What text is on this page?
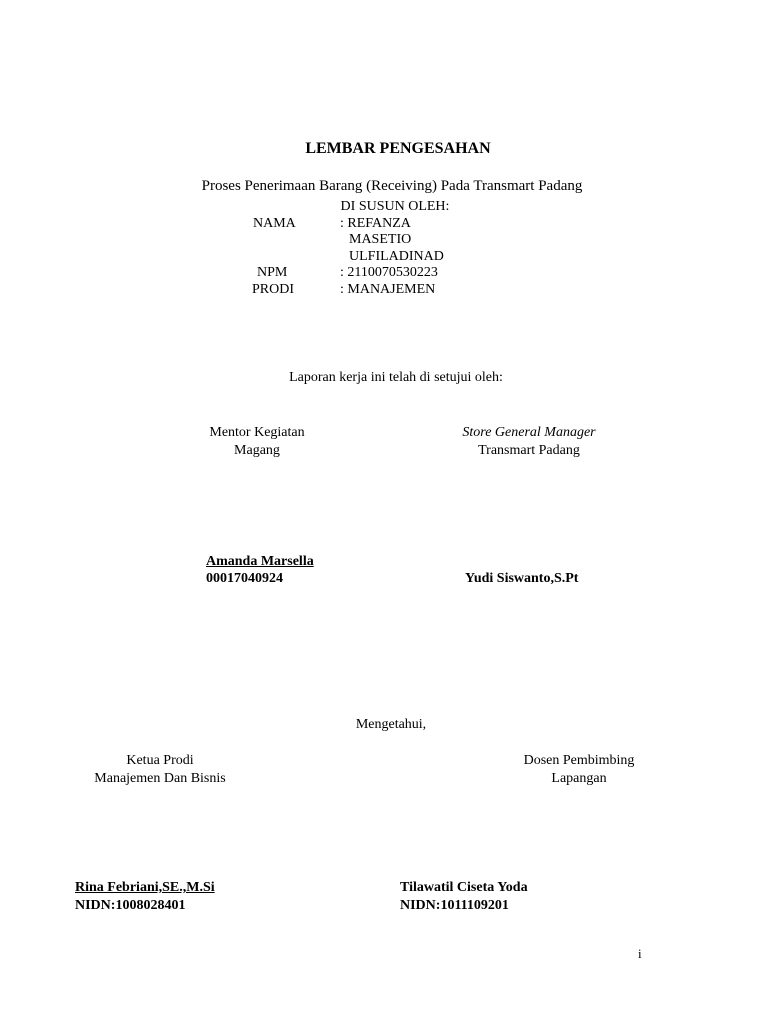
LEMBAR PENGESAHAN
Proses Penerimaan Barang (Receiving) Pada Transmart Padang
DI SUSUN OLEH:
NAMA	: REFANZA
MASETIO
ULFILADINAD
NPM	: 2110070530223
PRODI	: MANAJEMEN
Laporan kerja ini telah di setujui oleh:
Mentor Kegiatan
Magang
Amanda Marsella
00017040924
Store General Manager
Transmart Padang
Yudi Siswanto,S.Pt
Mengetahui,
Ketua Prodi
Manajemen Dan Bisnis
Rina Febriani,SE.,M.Si
NIDN:1008028401
Dosen Pembimbing
Lapangan
Tilawatil Ciseta Yoda
NIDN:1011109201
i
